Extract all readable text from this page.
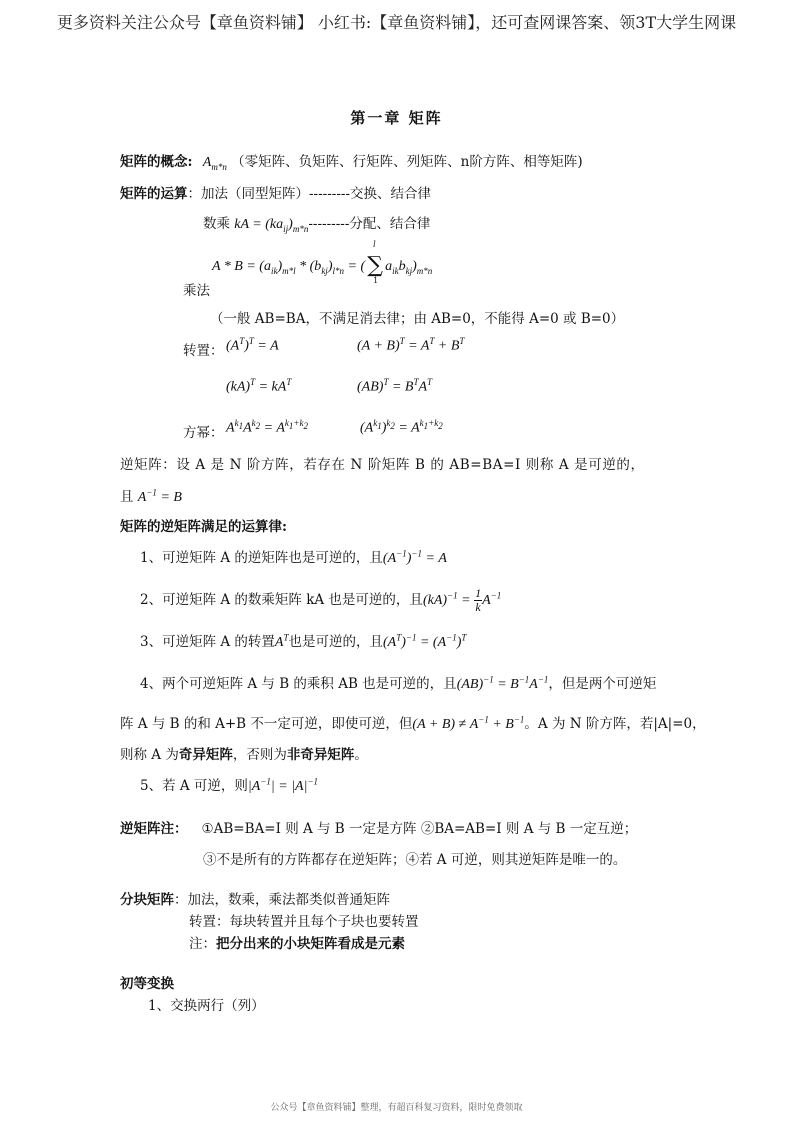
更多资料关注公众号【章鱼资料铺】 小红书:【章鱼资料铺】，还可查网课答案、领3T大学生网课
第一章 矩阵
矩阵的概念: $A_{m*n}$ （零矩阵、负矩阵、行矩阵、列矩阵、n阶方阵、相等矩阵)
矩阵的运算：加法（同型矩阵）---------交换、结合律
数乘 kA = $(ka_{ij})_{m*n}---------$分配、结合律
$A * B = (a_{ik})_{m*l} * (b_{kj})_{l*n}$ = (
l
∑
1
$a_{ik}b_{kj})_{m*n}$
乘法
（一般 AB=BA，不满足消去律；由 AB=0，不能得 A=0 或 B=0）
转置： $(A^T)^T = A$	$(A + B)^T = A^T + B^T$
$(kA)^T = kA^T$	$(AB)^T = B^TA^T$
方幂： $A^{k_1}A^{k_2} = A^{k_1+k_2}$	$(A^{k_1})^{k_2} = A^{k_1+k_2}$
逆矩阵：设 A 是 N 阶方阵，若存在 N 阶矩阵 B 的 AB=BA=I 则称 A 是可逆的，
且 $A^{-1} = B$
矩阵的逆矩阵满足的运算律:
1、可逆矩阵 A 的逆矩阵也是可逆的，且$(A^{-1})^{-1} = A$
2、可逆矩阵 A 的数乘矩阵 kA 也是可逆的，且$(kA)^{-1} = \frac{1}{k} A^{-1}$
3、可逆矩阵 A 的转置$A^T$也是可逆的，且$(A^T)^{-1} = (A^{-1})^T$
4、两个可逆矩阵 A 与 B 的乘积 AB 也是可逆的，且$(AB)^{-1} = B^{-1}A^{-1}$，但是两个可逆矩
阵 A 与 B 的和 A+B 不一定可逆，即使可逆，但$(A + B) \ne A^{-1} + B^{-1}$。A 为 N 阶方阵，若|A|=0，
则称 A 为奇异矩阵，否则为非奇异矩阵。
5、若 A 可逆，则$|A^{-1}| = |A|^{-1}$
逆矩阵注： ①AB=BA=I 则 A 与 B 一定是方阵 ②BA=AB=I 则 A 与 B 一定互逆；
③不是所有的方阵都存在逆矩阵；④若 A 可逆，则其逆矩阵是唯一的。
分块矩阵：加法，数乘，乘法都类似普通矩阵
转置：每块转置并且每个子块也要转置
注：把分出来的小块矩阵看成是元素
初等变换
1、交换两行（列）
公众号【章鱼资料铺】整理，有超百科复习资料，限时免费领取
